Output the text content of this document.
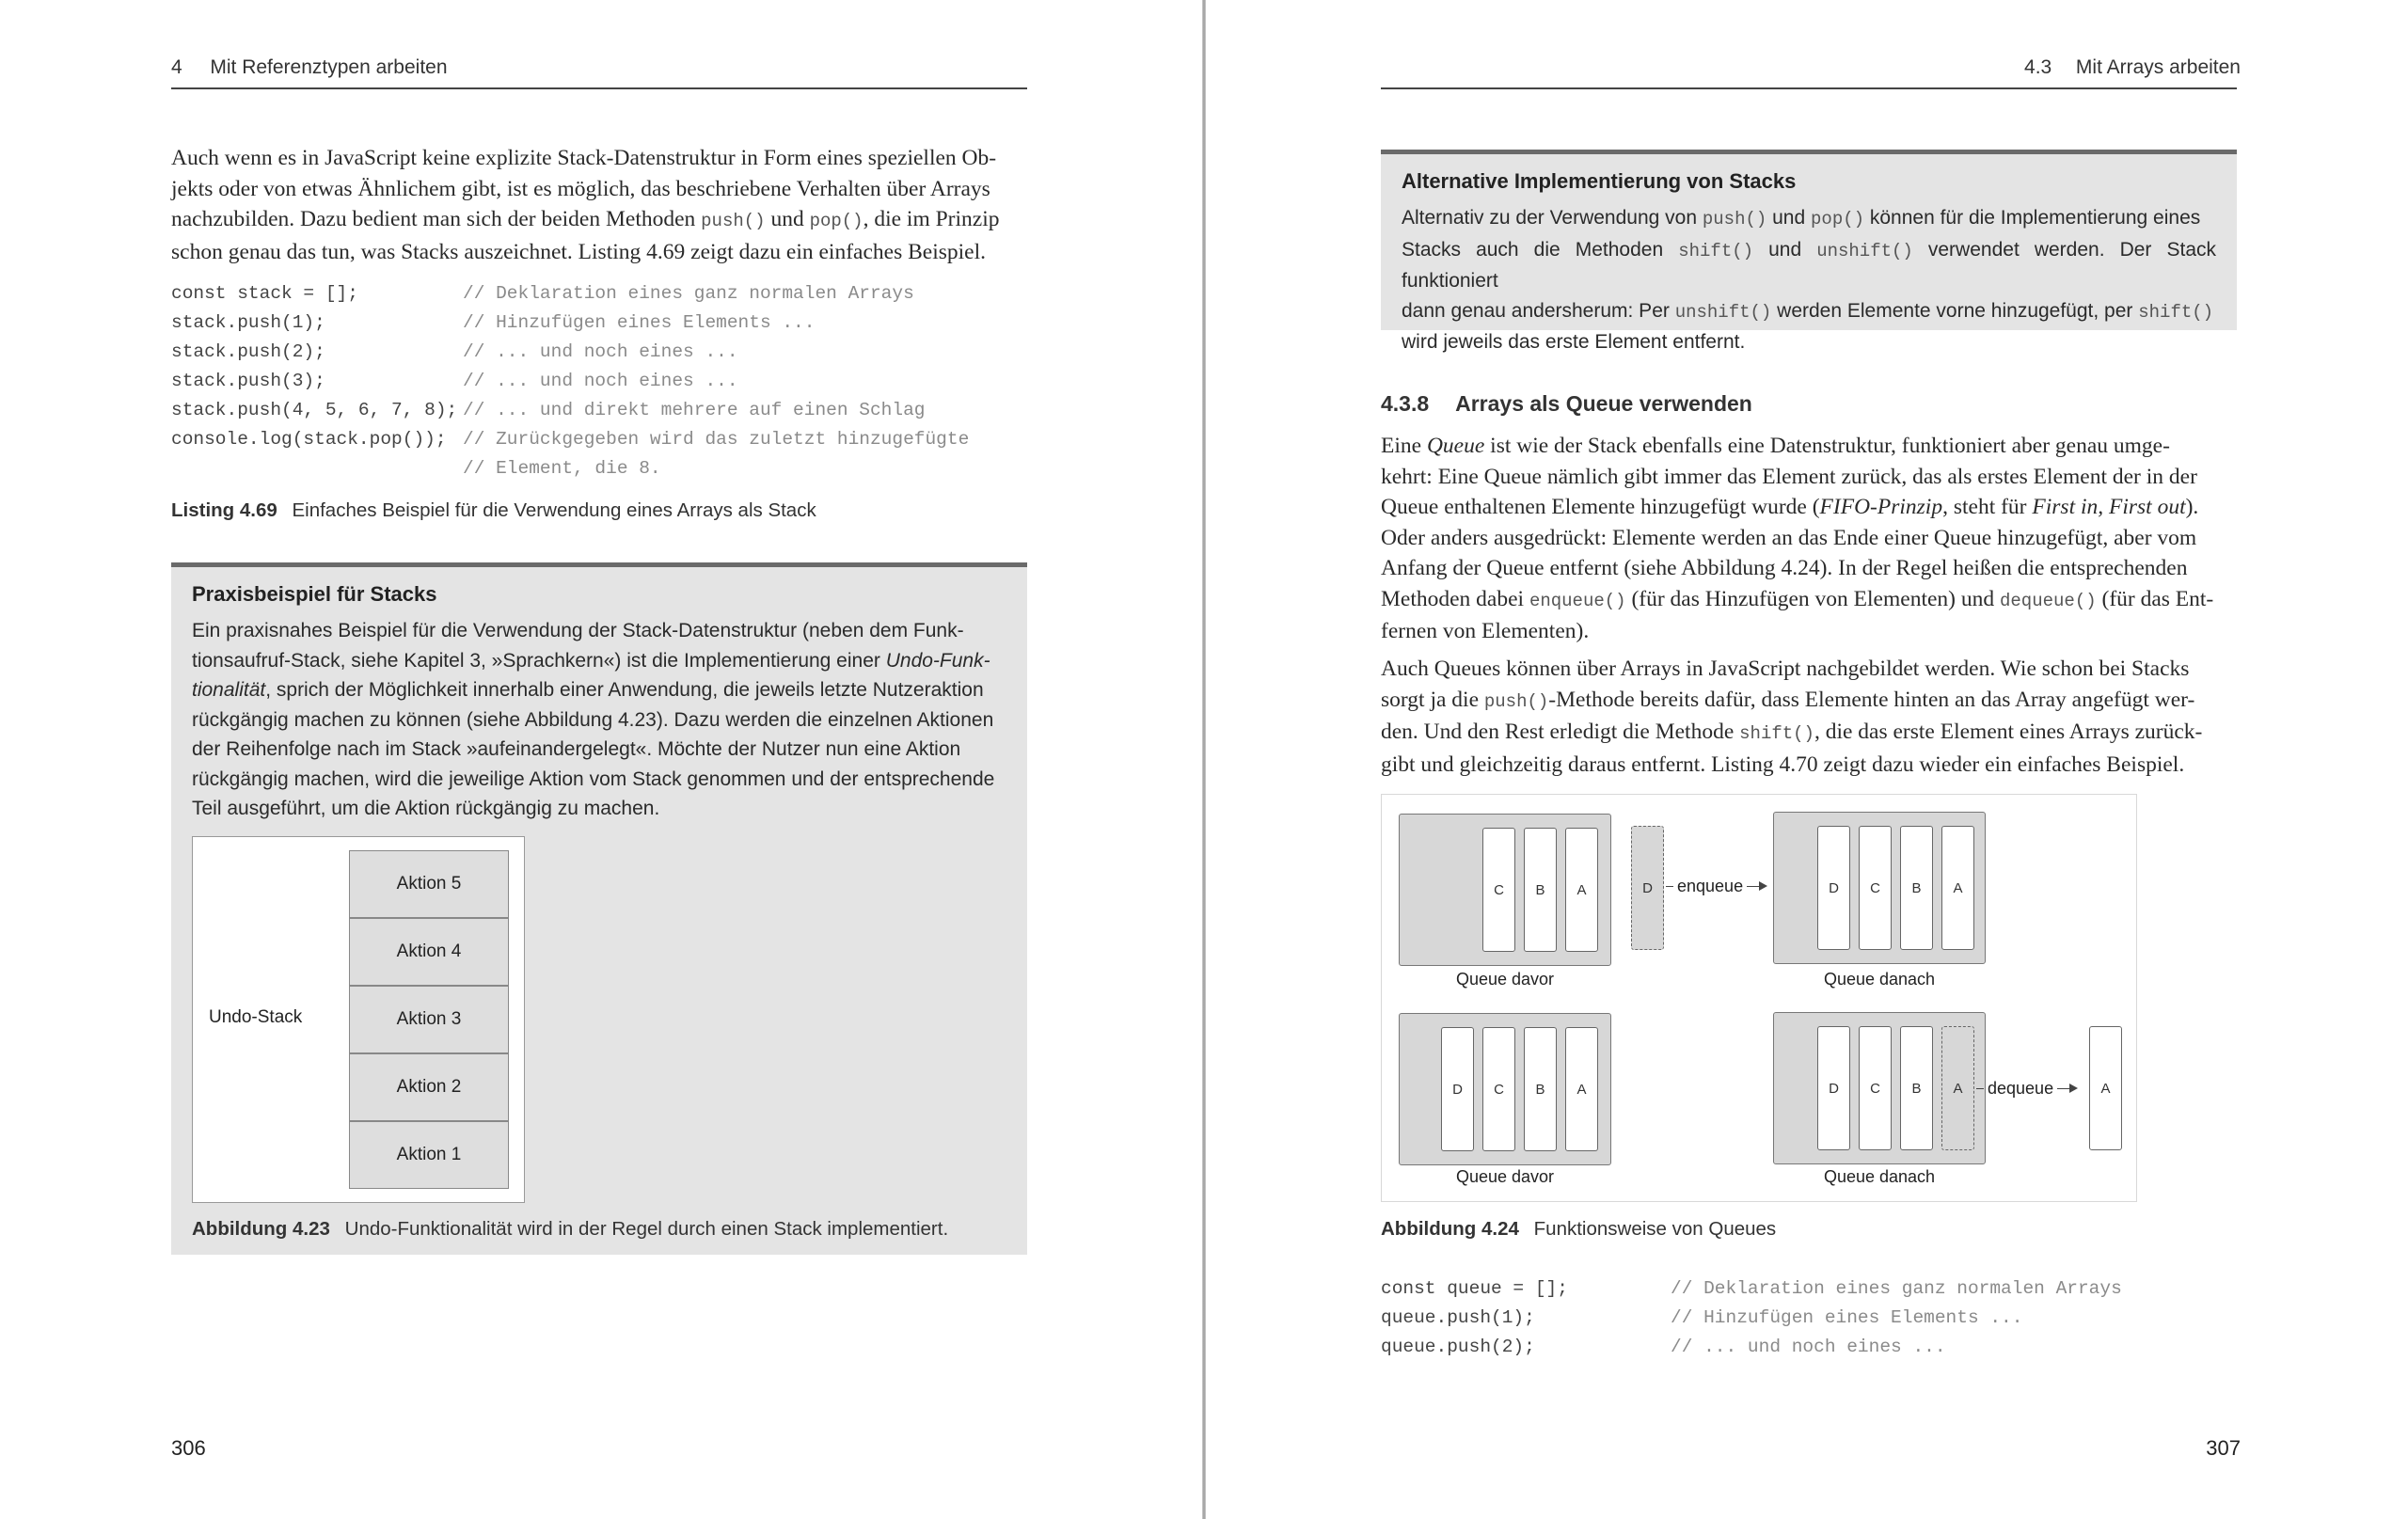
4 Mit Referenztypen arbeiten
Auch wenn es in JavaScript keine explizite Stack-Datenstruktur in Form eines speziellen Ob-
jekts oder von etwas Ähnlichem gibt, ist es möglich, das beschriebene Verhalten über Arrays
nachzubilden. Dazu bedient man sich der beiden Methoden push() und pop(), die im Prinzip
schon genau das tun, was Stacks auszeichnet. Listing 4.69 zeigt dazu ein einfaches Beispiel.
const stack = [];	// Deklaration eines ganz normalen Arrays
stack.push(1);	// Hinzufügen eines Elements ...
stack.push(2);	// ... und noch eines ...
stack.push(3);	// ... und noch eines ...
stack.push(4, 5, 6, 7, 8); // ... und direkt mehrere auf einen Schlag
console.log(stack.pop()); // Zurückgegeben wird das zuletzt hinzugefügte
// Element, die 8.
Listing 4.69 Einfaches Beispiel für die Verwendung eines Arrays als Stack
Praxisbeispiel für Stacks
Ein praxisnahes Beispiel für die Verwendung der Stack-Datenstruktur (neben dem Funk-
tionsaufruf-Stack, siehe Kapitel 3, »Sprachkern«) ist die Implementierung einer Undo-Funk-
tionalität, sprich der Möglichkeit innerhalb einer Anwendung, die jeweils letzte Nutzeraktion
rückgängig machen zu können (siehe Abbildung 4.23). Dazu werden die einzelnen Aktionen
der Reihenfolge nach im Stack »aufeinandergelegt«. Möchte der Nutzer nun eine Aktion
rückgängig machen, wird die jeweilige Aktion vom Stack genommen und der entsprechende
Teil ausgeführt, um die Aktion rückgängig zu machen.
Undo-Stack
Aktion 5
Aktion 4
Aktion 3
Aktion 2
Aktion 1
Abbildung 4.23 Undo-Funktionalität wird in der Regel durch einen Stack implementiert.
306
4.3 Mit Arrays arbeiten
Alternative Implementierung von Stacks
Alternativ zu der Verwendung von push() und pop() können für die Implementierung eines
Stacks auch die Methoden shift() und unshift() verwendet werden. Der Stack funktioniert
dann genau andersherum: Per unshift() werden Elemente vorne hinzugefügt, per shift()
wird jeweils das erste Element entfernt.
4.3.8 Arrays als Queue verwenden
Eine Queue ist wie der Stack ebenfalls eine Datenstruktur, funktioniert aber genau umge-
kehrt: Eine Queue nämlich gibt immer das Element zurück, das als erstes Element der in der
Queue enthaltenen Elemente hinzugefügt wurde (FIFO-Prinzip, steht für First in, First out).
Oder anders ausgedrückt: Elemente werden an das Ende einer Queue hinzugefügt, aber vom
Anfang der Queue entfernt (siehe Abbildung 4.24). In der Regel heißen die entsprechenden
Methoden dabei enqueue() (für das Hinzufügen von Elementen) und dequeue() (für das Ent-
fernen von Elementen).
Auch Queues können über Arrays in JavaScript nachgebildet werden. Wie schon bei Stacks
sorgt ja die push()-Methode bereits dafür, dass Elemente hinten an das Array angefügt wer-
den. Und den Rest erledigt die Methode shift(), die das erste Element eines Arrays zurück-
gibt und gleichzeitig daraus entfernt. Listing 4.70 zeigt dazu wieder ein einfaches Beispiel.
C	B	A
Queue davor
D	enqueue	D	C	B	A
Queue danach
D	C	B	A
Queue davor
D	C	B	A
Queue danach
dequeue	A
Abbildung 4.24 Funktionsweise von Queues
const queue = [];	// Deklaration eines ganz normalen Arrays
queue.push(1);	// Hinzufügen eines Elements ...
queue.push(2);	// ... und noch eines ...
307
